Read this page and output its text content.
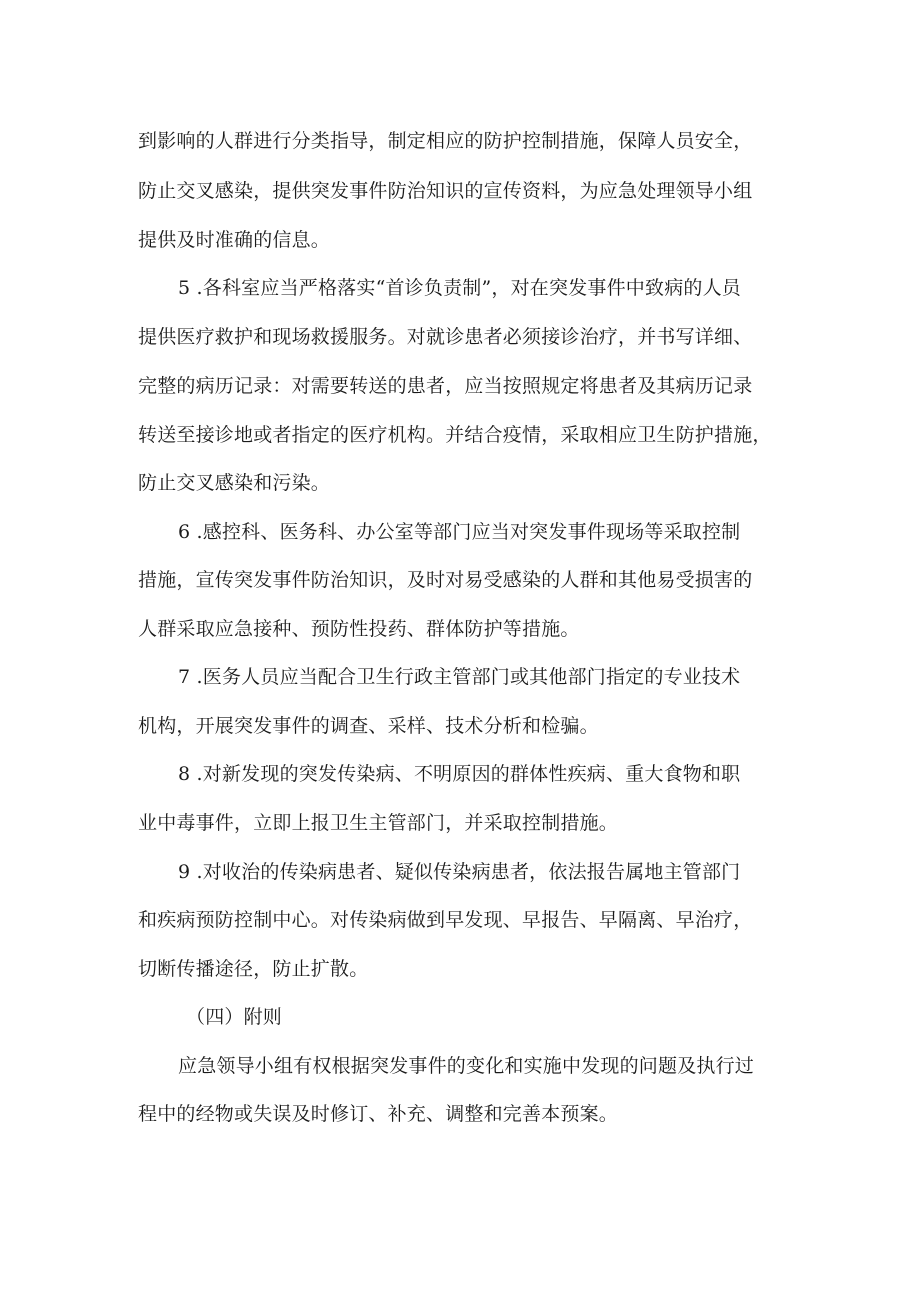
到影响的人群进行分类指导，制定相应的防护控制措施，保障人员安全，
防止交叉感染，提供突发事件防治知识的宣传资料，为应急处理领导小组
提供及时准确的信息。
5 .各科室应当严格落实“首诊负责制”，对在突发事件中致病的人员
提供医疗救护和现场救援服务。对就诊患者必须接诊治疗，并书写详细、
完整的病历记录：对需要转送的患者，应当按照规定将患者及其病历记录
转送至接诊地或者指定的医疗机构。并结合疫情，采取相应卫生防护措施，
防止交叉感染和污染。
6 .感控科、医务科、办公室等部门应当对突发事件现场等采取控制
措施，宣传突发事件防治知识，及时对易受感染的人群和其他易受损害的
人群采取应急接种、预防性投药、群体防护等措施。
7 .医务人员应当配合卫生行政主管部门或其他部门指定的专业技术
机构，开展突发事件的调查、采样、技术分析和检骗。
8 .对新发现的突发传染病、不明原因的群体性疾病、重大食物和职
业中毒事件，立即上报卫生主管部门，并采取控制措施。
9 .对收治的传染病患者、疑似传染病患者，依法报告属地主管部门
和疾病预防控制中心。对传染病做到早发现、早报告、早隔离、早治疗，
切断传播途径，防止扩散。
（四）附则
应急领导小组有权根据突发事件的变化和实施中发现的问题及执行过
程中的经物或失误及时修订、补充、调整和完善本预案。
